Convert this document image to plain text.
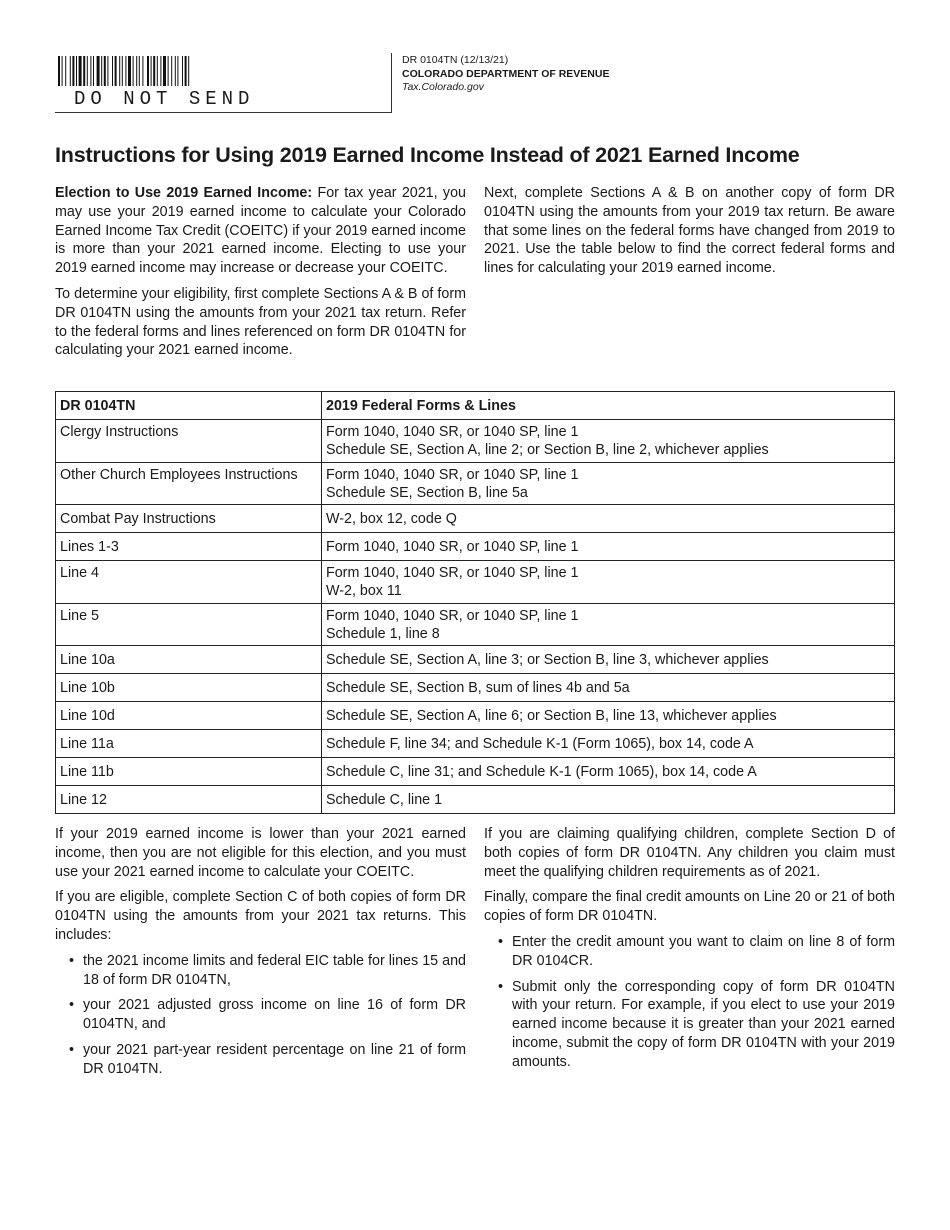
DO NOT SEND
DR 0104TN (12/13/21)
COLORADO DEPARTMENT OF REVENUE
Tax.Colorado.gov
Instructions for Using 2019 Earned Income Instead of 2021 Earned Income

Election to Use 2019 Earned Income: For tax year 2021, you may use your 2019 earned income to calculate your Colorado Earned Income Tax Credit (COEITC) if your 2019 earned income is more than your 2021 earned income. Electing to use your 2019 earned income may increase or decrease your COEITC.

To determine your eligibility, first complete Sections A & B of form DR 0104TN using the amounts from your 2021 tax return. Refer to the federal forms and lines referenced on form DR 0104TN for calculating your 2021 earned income.

Next, complete Sections A & B on another copy of form DR 0104TN using the amounts from your 2019 tax return. Be aware that some lines on the federal forms have changed from 2019 to 2021. Use the table below to find the correct federal forms and lines for calculating your 2019 earned income.

DR 0104TN	2019 Federal Forms & Lines
Clergy Instructions	Form 1040, 1040 SR, or 1040 SP, line 1
Schedule SE, Section A, line 2; or Section B, line 2, whichever applies

Other Church Employees Instructions	Form 1040, 1040 SR, or 1040 SP, line 1
Schedule SE, Section B, line 5a

Combat Pay Instructions	W-2, box 12, code Q

Lines 1-3	Form 1040, 1040 SR, or 1040 SP, line 1

Line 4	Form 1040, 1040 SR, or 1040 SP, line 1
W-2, box 11

Line 5	Form 1040, 1040 SR, or 1040 SP, line 1
Schedule 1, line 8

Line 10a	Schedule SE, Section A, line 3; or Section B, line 3, whichever applies

Line 10b	Schedule SE, Section B, sum of lines 4b and 5a

Line 10d	Schedule SE, Section A, line 6; or Section B, line 13, whichever applies

Line 11a	Schedule F, line 34; and Schedule K-1 (Form 1065), box 14, code A

Line 11b	Schedule C, line 31; and Schedule K-1 (Form 1065), box 14, code A

Line 12	Schedule C, line 1

If your 2019 earned income is lower than your 2021 earned income, then you are not eligible for this election, and you must use your 2021 earned income to calculate your COEITC.

If you are eligible, complete Section C of both copies of form DR 0104TN using the amounts from your 2021 tax returns. This includes:

• the 2021 income limits and federal EIC table for lines 15 and 18 of form DR 0104TN,
• your 2021 adjusted gross income on line 16 of form DR 0104TN, and
• your 2021 part-year resident percentage on line 21 of form DR 0104TN.

If you are claiming qualifying children, complete Section D of both copies of form DR 0104TN. Any children you claim must meet the qualifying children requirements as of 2021.

Finally, compare the final credit amounts on Line 20 or 21 of both copies of form DR 0104TN.

• Enter the credit amount you want to claim on line 8 of form DR 0104CR.
• Submit only the corresponding copy of form DR 0104TN with your return. For example, if you elect to use your 2019 earned income because it is greater than your 2021 earned income, submit the copy of form DR 0104TN with your 2019 amounts.
